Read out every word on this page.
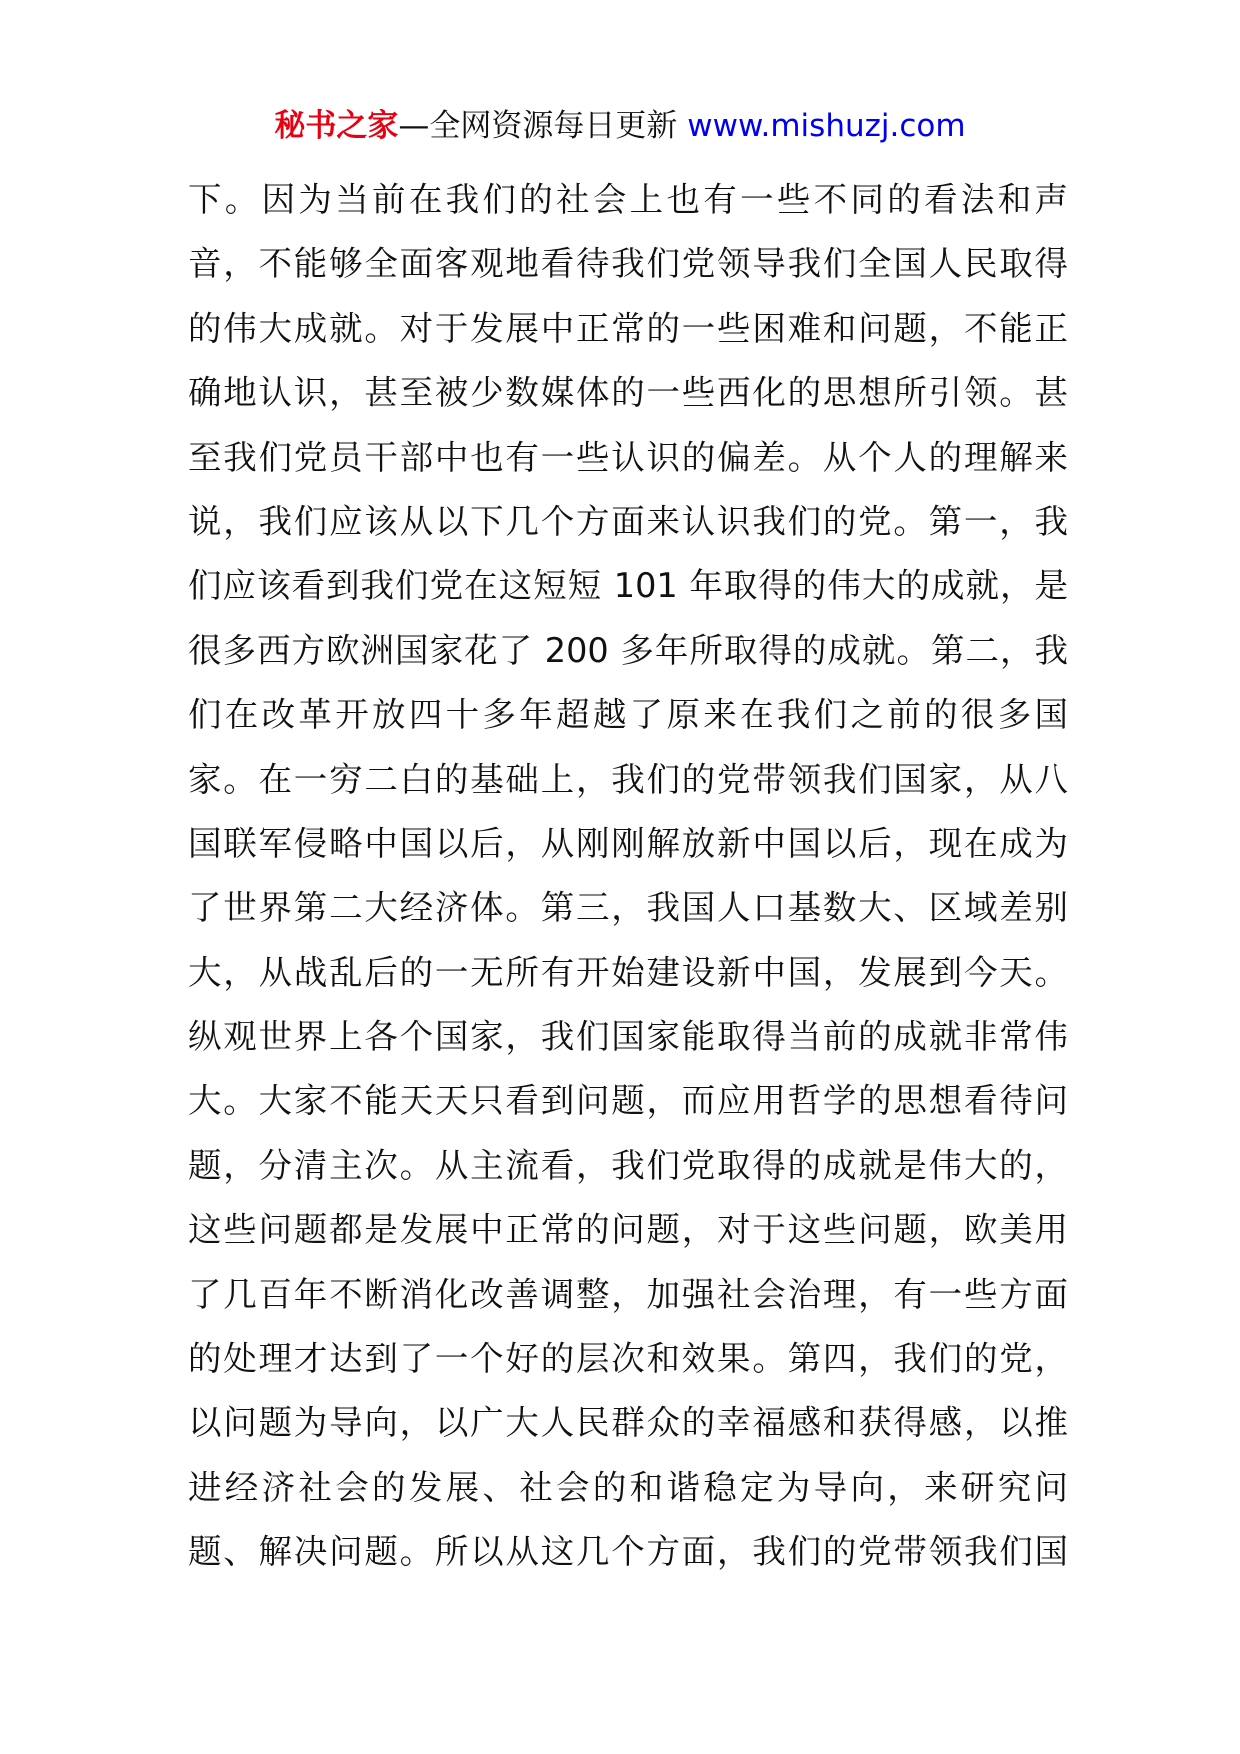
秘书之家—全网资源每日更新 www.mishuzj.com
下。因为当前在我们的社会上也有一些不同的看法和声
音，不能够全面客观地看待我们党领导我们全国人民取得
的伟大成就。对于发展中正常的一些困难和问题，不能正
确地认识，甚至被少数媒体的一些西化的思想所引领。甚
至我们党员干部中也有一些认识的偏差。从个人的理解来
说，我们应该从以下几个方面来认识我们的党。第一，我
们应该看到我们党在这短短 101 年取得的伟大的成就，是
很多西方欧洲国家花了 200 多年所取得的成就。第二，我
们在改革开放四十多年超越了原来在我们之前的很多国
家。在一穷二白的基础上，我们的党带领我们国家，从八
国联军侵略中国以后，从刚刚解放新中国以后，现在成为
了世界第二大经济体。第三，我国人口基数大、区域差别
大，从战乱后的一无所有开始建设新中国，发展到今天。
纵观世界上各个国家，我们国家能取得当前的成就非常伟
大。大家不能天天只看到问题，而应用哲学的思想看待问
题，分清主次。从主流看，我们党取得的成就是伟大的，
这些问题都是发展中正常的问题，对于这些问题，欧美用
了几百年不断消化改善调整，加强社会治理，有一些方面
的处理才达到了一个好的层次和效果。第四，我们的党，
以问题为导向，以广大人民群众的幸福感和获得感，以推
进经济社会的发展、社会的和谐稳定为导向，来研究问
题、解决问题。所以从这几个方面，我们的党带领我们国
